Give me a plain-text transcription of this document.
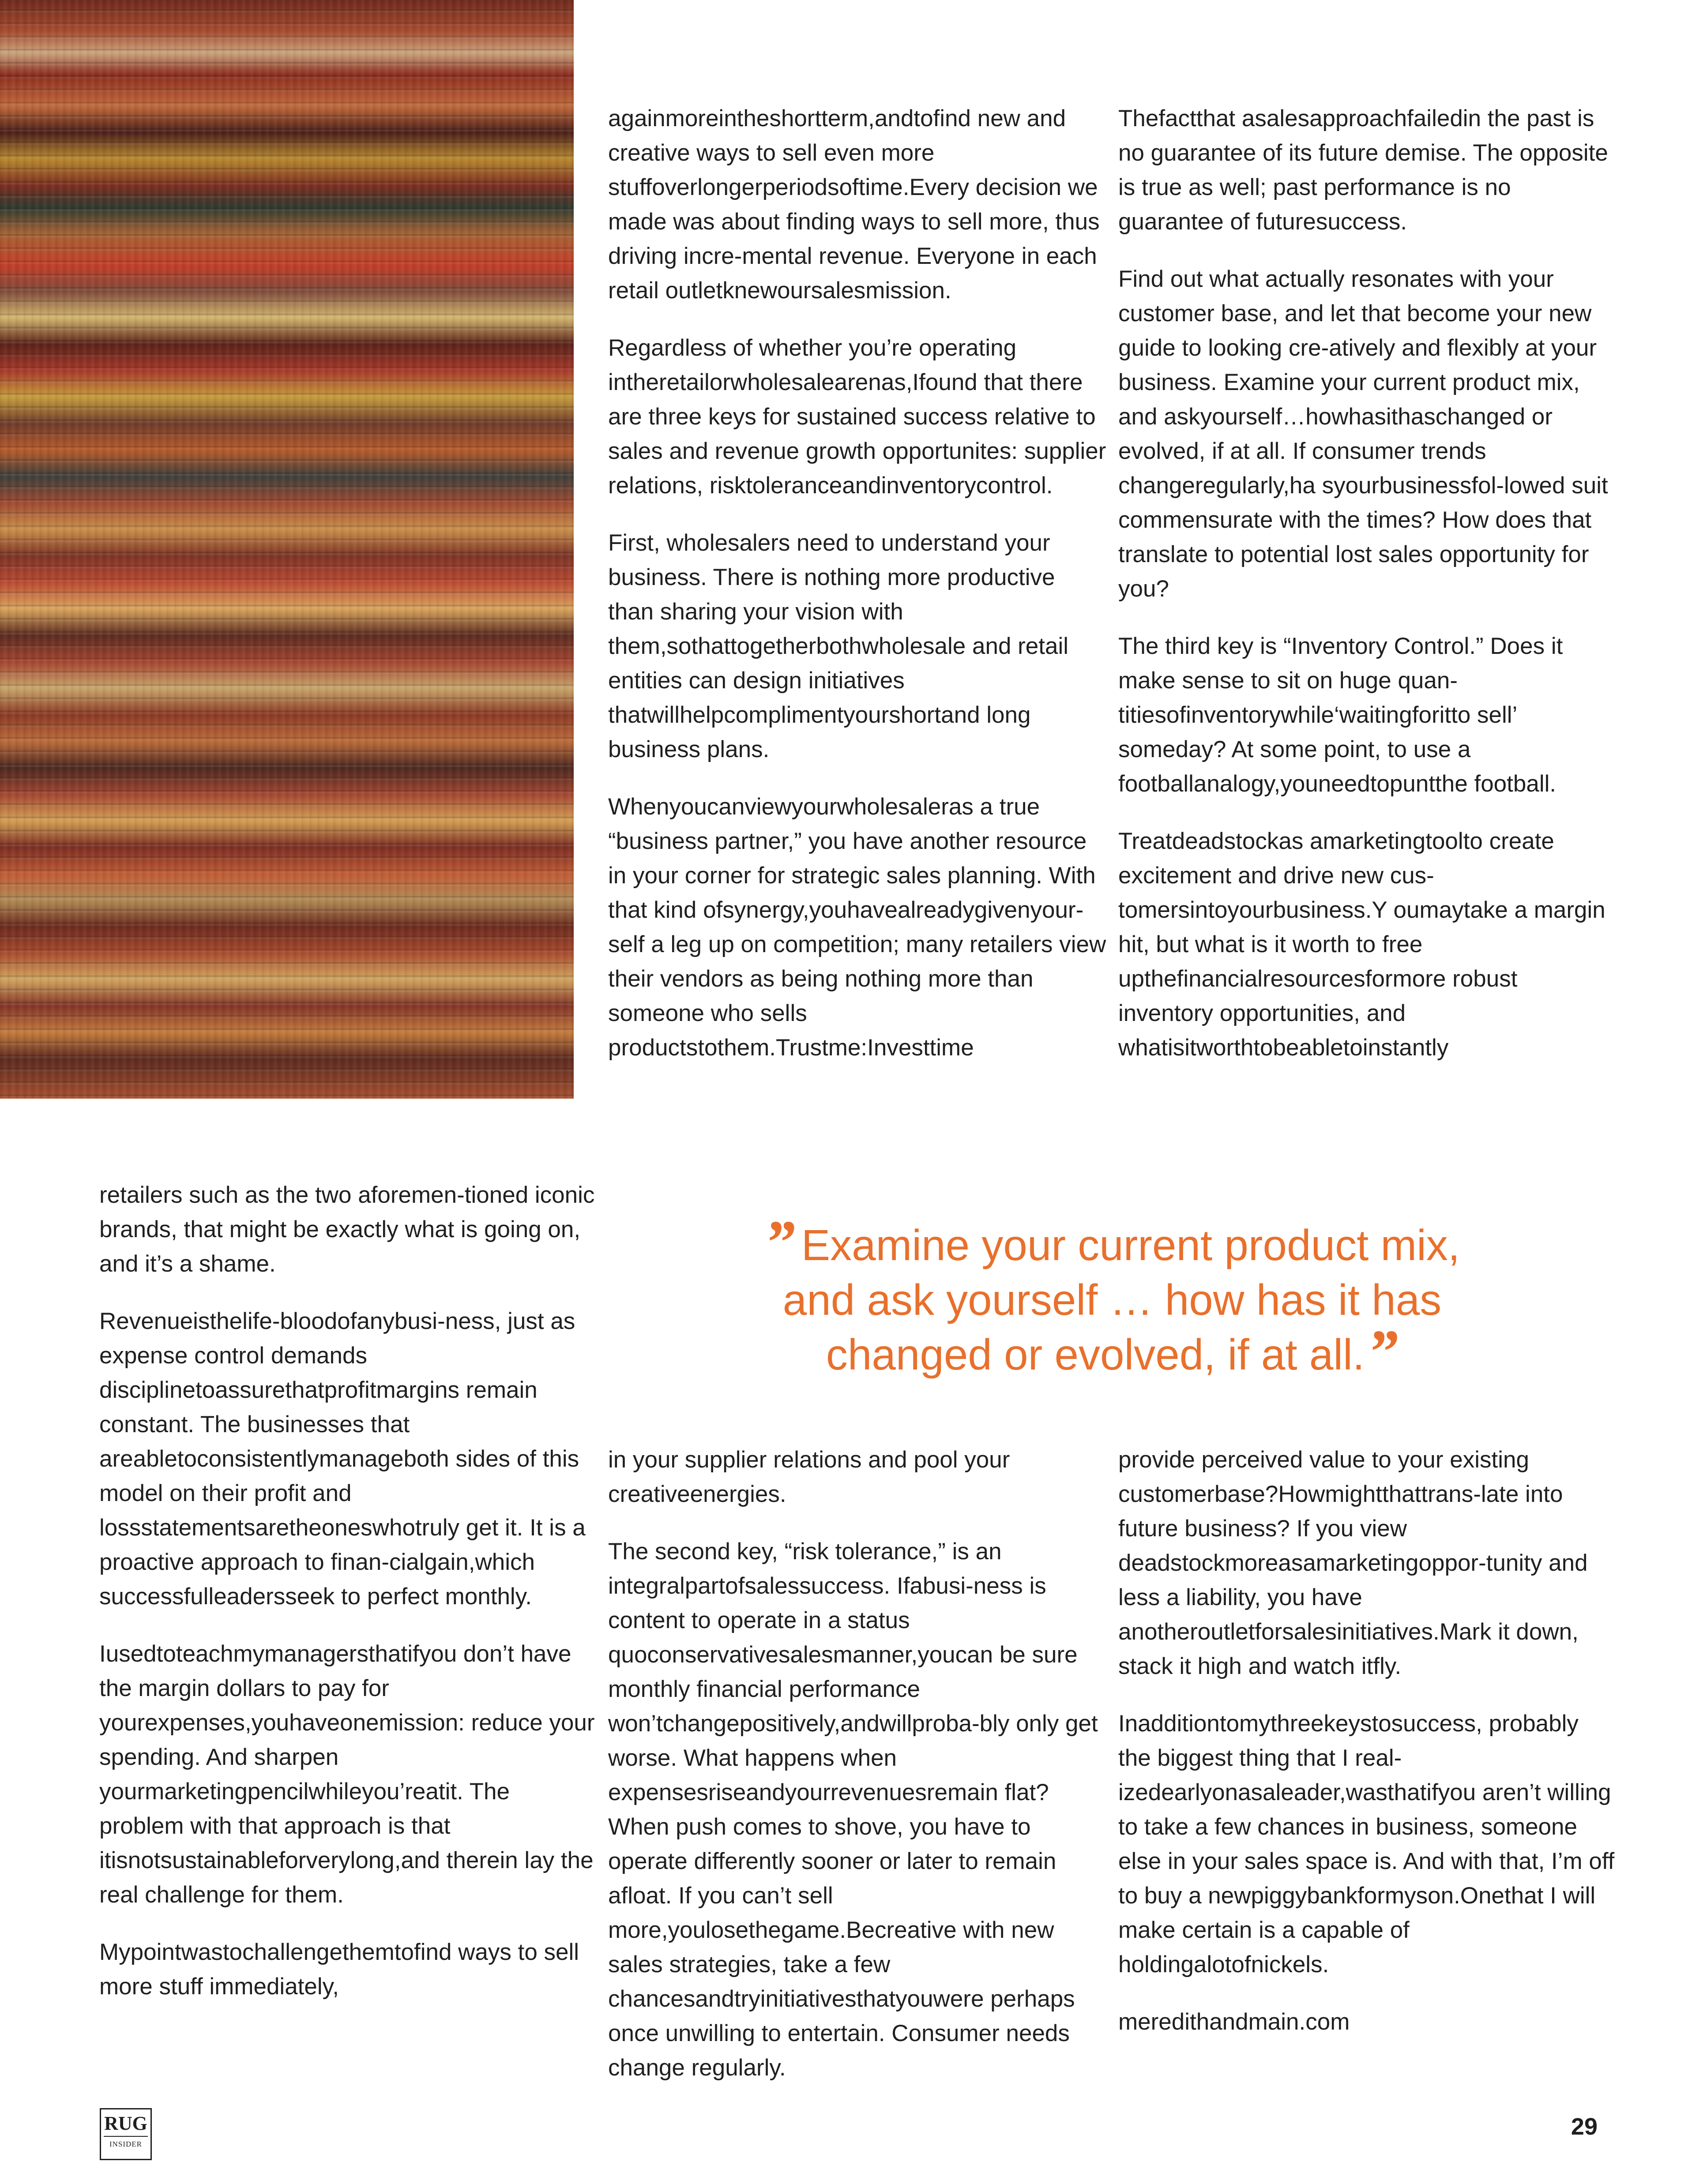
againmoreintheshortterm,andtofind new and creative ways to sell even more stuffoverlongerperiodsoftime.Every decision we made was about finding ways to sell more, thus driving incre-mental revenue. Everyone in each retail outletknewoursalesmission.

Regardless of whether you’re operating intheretailorwholesalearenas,Ifound that there are three keys for sustained success relative to sales and revenue growth opportunites: supplier relations, risktoleranceandinventorycontrol.

First, wholesalers need to understand your business. There is nothing more productive than sharing your vision with them,sothattogetherbothwholesale and retail entities can design initiatives thatwillhelpcomplimentyourshortand long business plans.

Whenyoucanviewyourwholesaleras a true “business partner,” you have another resource in your corner for strategic sales planning. With that kind ofsynergy,youhavealreadygivenyour-self a leg up on competition; many retailers view their vendors as being nothing more than someone who sells productstothem.Trustme:Investtime

Thefactthat asalesapproachfailedin the past is no guarantee of its future demise. The opposite is true as well; past performance is no guarantee of futuresuccess.

Find out what actually resonates with your customer base, and let that become your new guide to looking cre-atively and flexibly at your business. Examine your current product mix, and askyourself…howhasithaschanged or evolved, if at all. If consumer trends changeregularly,ha syourbusinessfol-lowed suit commensurate with the times? How does that translate to potential lost sales opportunity for you?

The third key is “Inventory Control.” Does it make sense to sit on huge quan-titiesofinventorywhile‘waitingforitto sell’ someday? At some point, to use a footballanalogy,youneedtopuntthe football.

Treatdeadstockas amarketingtoolto create excitement and drive new cus-tomersintoyourbusiness.Y oumaytake a margin hit, but what is it worth to free upthefinancialresourcesformore robust inventory opportunities, and whatisitworthtobeabletoinstantly

retailers such as the two aforemen-tioned iconic brands, that might be exactly what is going on, and it’s a shame.

Revenueisthelife-bloodofanybusi-ness, just as expense control demands disciplinetoassurethatprofitmargins remain constant. The businesses that areabletoconsistentlymanageboth sides of this model on their profit and lossstatementsaretheoneswhotruly get it. It is a proactive approach to finan-cialgain,which successfulleadersseek to perfect monthly.

Iusedtoteachmymanagersthatifyou don’t have the margin dollars to pay for yourexpenses,youhaveonemission: reduce your spending. And sharpen yourmarketingpencilwhileyou’reatit. The problem with that approach is that itisnotsustainableforverylong,and therein lay the real challenge for them.

Mypointwastochallengethemtofind ways to sell more stuff immediately,

” Examine your current product mix,
and ask yourself … how has it has
changed or evolved, if at all.”

in your supplier relations and pool your creativeenergies.

The second key, “risk tolerance,” is an integralpartofsalessuccess. Ifabusi-ness is content to operate in a status quoconservativesalesmanner,youcan be sure monthly financial performance won’tchangepositively,andwillproba-bly only get worse. What happens when expensesriseandyourrevenuesremain flat? When push comes to shove, you have to operate differently sooner or later to remain afloat. If you can’t sell more,youlosethegame.Becreative with new sales strategies, take a few chancesandtryinitiativesthatyouwere perhaps once unwilling to entertain. Consumer needs change regularly.

provide perceived value to your existing customerbase?Howmightthattrans-late into future business? If you view deadstockmoreasamarketingoppor-tunity and less a liability, you have anotheroutletforsalesinitiatives.Mark it down, stack it high and watch itfly.

Inadditiontomythreekeystosuccess, probably the biggest thing that I real-izedearlyonasaleader,wasthatifyou aren’t willing to take a few chances in business, someone else in your sales space is. And with that, I’m off to buy a newpiggybankformyson.Onethat I will make certain is a capable of holdingalotofnickels.

meredithandmain.com

RUG
INSIDER
29
